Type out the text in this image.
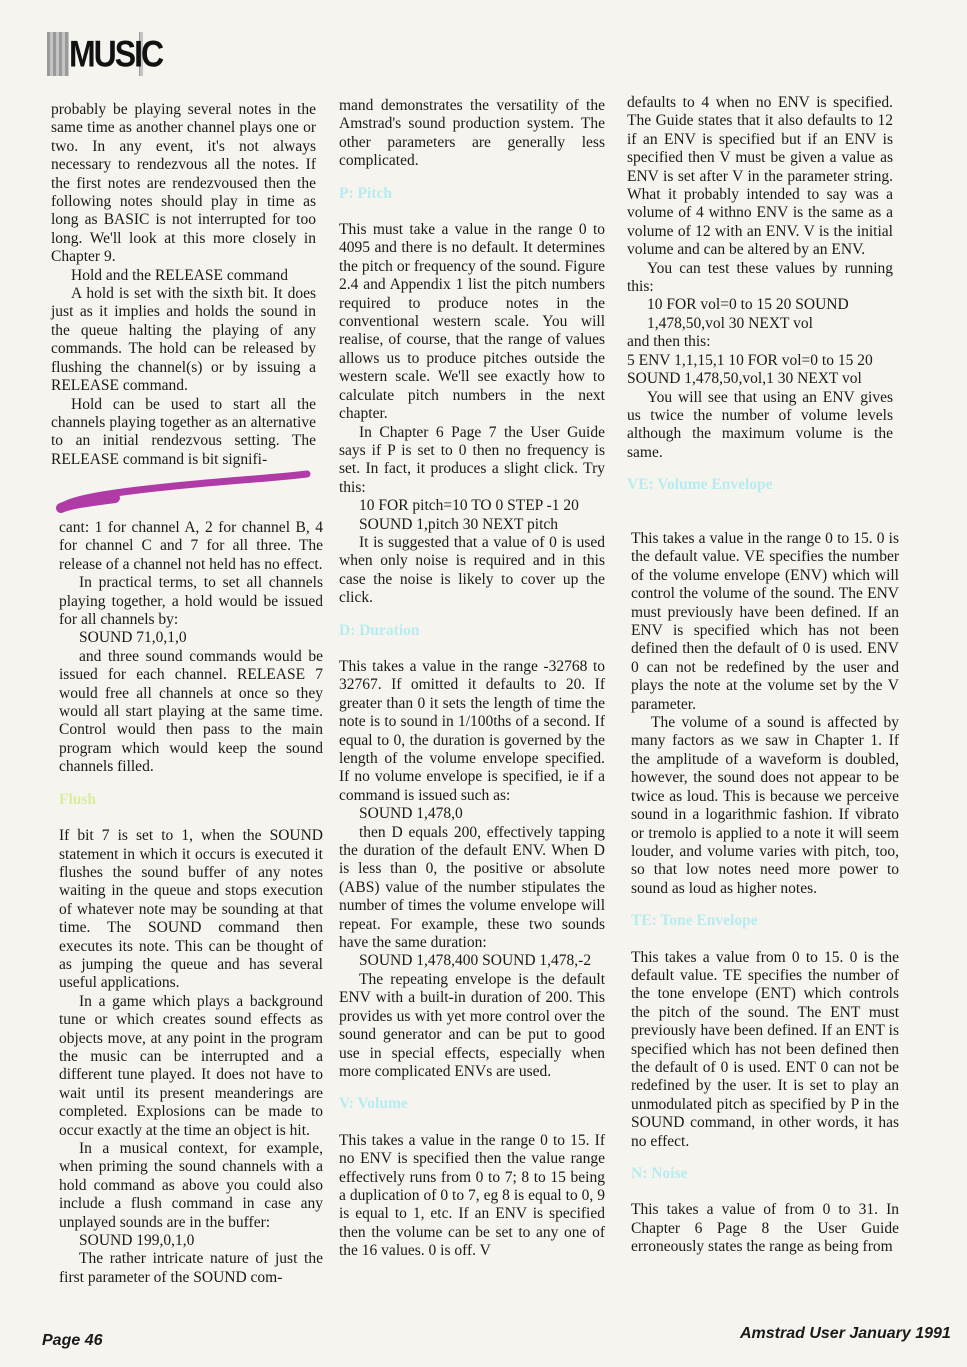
MUSIC

probably be playing several notes in the same time as another channel plays one or two. In any event, it's not always necessary to rendezvous all the notes. If the first notes are rendezvoused then the following notes should play in time as long as BASIC is not interrupted for too long. We'll look at this more closely in Chapter 9.

Hold and the RELEASE command

A hold is set with the sixth bit. It does just as it implies and holds the sound in the queue halting the playing of any commands. The hold can be released by flushing the channel(s) or by issuing a RELEASE command.

Hold can be used to start all the channels playing together as an alternative to an initial rendezvous setting. The RELEASE command is bit signifi-

cant: 1 for channel A, 2 for channel B, 4 for channel C and 7 for all three. The release of a channel not held has no effect.

In practical terms, to set all channels playing together, a hold would be issued for all channels by:

SOUND 71,0,1,0

and three sound commands would be issued for each channel. RELEASE 7 would free all channels at once so they would all start playing at the same time. Control would then pass to the main program which would keep the sound channels filled.

Flush

If bit 7 is set to 1, when the SOUND statement in which it occurs is executed it flushes the sound buffer of any notes waiting in the queue and stops execution of whatever note may be sounding at that time. The SOUND command then executes its note. This can be thought of as jumping the queue and has several useful applications.

In a game which plays a background tune or which creates sound effects as objects move, at any point in the program the music can be interrupted and a different tune played. It does not have to wait until its present meanderings are completed. Explosions can be made to occur exactly at the time an object is hit.

In a musical context, for example, when priming the sound channels with a hold command as above you could also include a flush command in case any unplayed sounds are in the buffer:

SOUND 199,0,1,0

The rather intricate nature of just the first parameter of the SOUND com-

mand demonstrates the versatility of the Amstrad's sound production system. The other parameters are generally less complicated.

P: Pitch

This must take a value in the range 0 to 4095 and there is no default. It determines the pitch or frequency of the sound. Figure 2.4 and Appendix 1 list the pitch numbers required to produce notes in the conventional western scale. You will realise, of course, that the range of values allows us to produce pitches outside the western scale. We'll see exactly how to calculate pitch numbers in the next chapter.

In Chapter 6 Page 7 the User Guide says if P is set to 0 then no frequency is set. In fact, it produces a slight click. Try this:

10 FOR pitch=10 TO 0 STEP -1 20 SOUND 1,pitch 30 NEXT pitch

It is suggested that a value of 0 is used when only noise is required and in this case the noise is likely to cover up the click.

D: Duration

This takes a value in the range -32768 to 32767. If omitted it defaults to 20. If greater than 0 it sets the length of time the note is to sound in 1/100ths of a second. If equal to 0, the duration is governed by the length of the volume envelope specified. If no volume envelope is specified, ie if a command is issued such as:

SOUND 1,478,0

then D equals 200, effectively tapping the duration of the default ENV. When D is less than 0, the positive or absolute (ABS) value of the number stipulates the number of times the volume envelope will repeat. For example, these two sounds have the same duration:

SOUND 1,478,400 SOUND 1,478,-2

The repeating envelope is the default ENV with a built-in duration of 200. This provides us with yet more control over the sound generator and can be put to good use in special effects, especially when more complicated ENVs are used.

V: Volume

This takes a value in the range 0 to 15. If no ENV is specified then the value range effectively runs from 0 to 7; 8 to 15 being a duplication of 0 to 7, eg 8 is equal to 0, 9 is equal to 1, etc. If an ENV is specified then the volume can be set to any one of the 16 values. 0 is off. V

defaults to 4 when no ENV is specified. The Guide states that it also defaults to 12 if an ENV is specified but if an ENV is specified then V must be given a value as ENV is set after V in the parameter string. What it probably intended to say was a volume of 4 withno ENV is the same as a volume of 12 with an ENV. V is the initial volume and can be altered by an ENV.

You can test these values by running this:

10 FOR vol=0 to 15 20 SOUND 1,478,50,vol 30 NEXT vol

and then this:

5 ENV 1,1,15,1 10 FOR vol=0 to 15 20 SOUND 1,478,50,vol,1 30 NEXT vol

You will see that using an ENV gives us twice the number of volume levels although the maximum volume is the same.

VE: Volume Envelope

This takes a value in the range 0 to 15. 0 is the default value. VE specifies the number of the volume envelope (ENV) which will control the volume of the sound. The ENV must previously have been defined. If an ENV is specified which has not been defined then the default of 0 is used. ENV 0 can not be redefined by the user and plays the note at the volume set by the V parameter.

The volume of a sound is affected by many factors as we saw in Chapter 1. If the amplitude of a waveform is doubled, however, the sound does not appear to be twice as loud. This is because we perceive sound in a logarithmic fashion. If vibrato or tremolo is applied to a note it will seem louder, and volume varies with pitch, too, so that low notes need more power to sound as loud as higher notes.

TE: Tone Envelope

This takes a value from 0 to 15. 0 is the default value. TE specifies the number of the tone envelope (ENT) which controls the pitch of the sound. The ENT must previously have been defined. If an ENT is specified which has not been defined then the default of 0 is used. ENT 0 can not be redefined by the user. It is set to play an unmodulated pitch as specified by P in the SOUND command, in other words, it has no effect.

N: Noise

This takes a value of from 0 to 31. In Chapter 6 Page 8 the User Guide erroneously states the range as being from

Page 46	Amstrad User January 1991
